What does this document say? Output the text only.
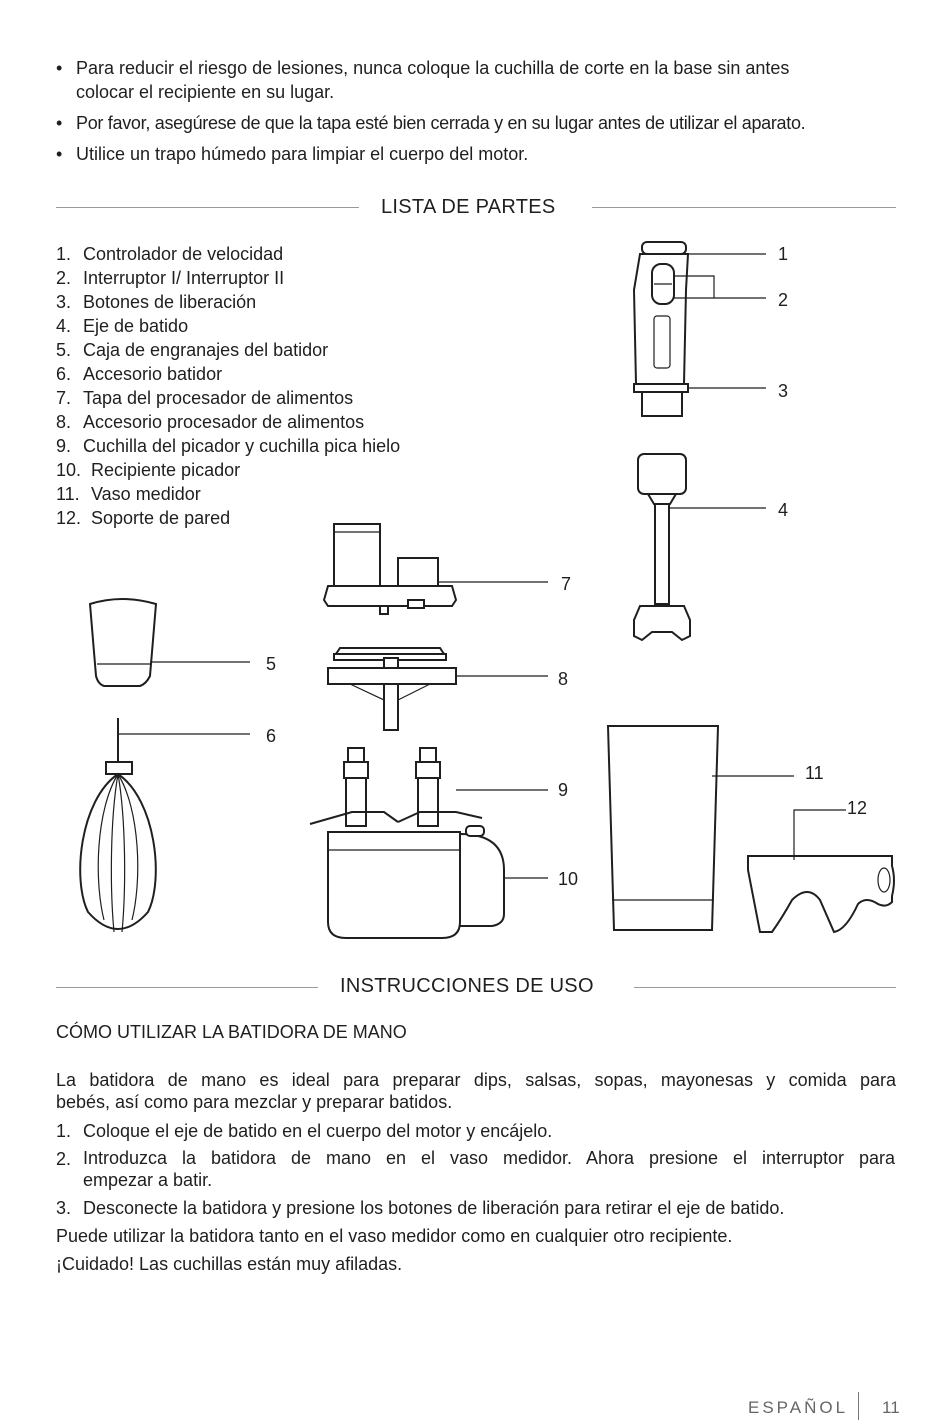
• Para reducir el riesgo de lesiones, nunca coloque la cuchilla de corte en la base sin antes
colocar el recipiente en su lugar.
• Por favor, asegúrese de que la tapa esté bien cerrada y en su lugar antes de utilizar el aparato.
• Utilice un trapo húmedo para limpiar el cuerpo del motor.
LISTA DE PARTES
1. Controlador de velocidad
2. Interruptor I/ Interruptor II
3. Botones de liberación
4. Eje de batido
5. Caja de engranajes del batidor
6. Accesorio batidor
7. Tapa del procesador de alimentos
8. Accesorio procesador de alimentos
9. Cuchilla del picador y cuchilla pica hielo
10. Recipiente picador
11. Vaso medidor
12. Soporte de pared
1
2
3
4
5
6
7
8
9
10
11
12
INSTRUCCIONES DE USO
CÓMO UTILIZAR LA BATIDORA DE MANO
La batidora de mano es ideal para preparar dips, salsas, sopas, mayonesas y comida para
bebés, así como para mezclar y preparar batidos.
1. Coloque el eje de batido en el cuerpo del motor y encájelo.
2. Introduzca la batidora de mano en el vaso medidor. Ahora presione el interruptor para
empezar a batir.
3. Desconecte la batidora y presione los botones de liberación para retirar el eje de batido.
Puede utilizar la batidora tanto en el vaso medidor como en cualquier otro recipiente.
¡Cuidado! Las cuchillas están muy afiladas.
ESPAÑOL 11
